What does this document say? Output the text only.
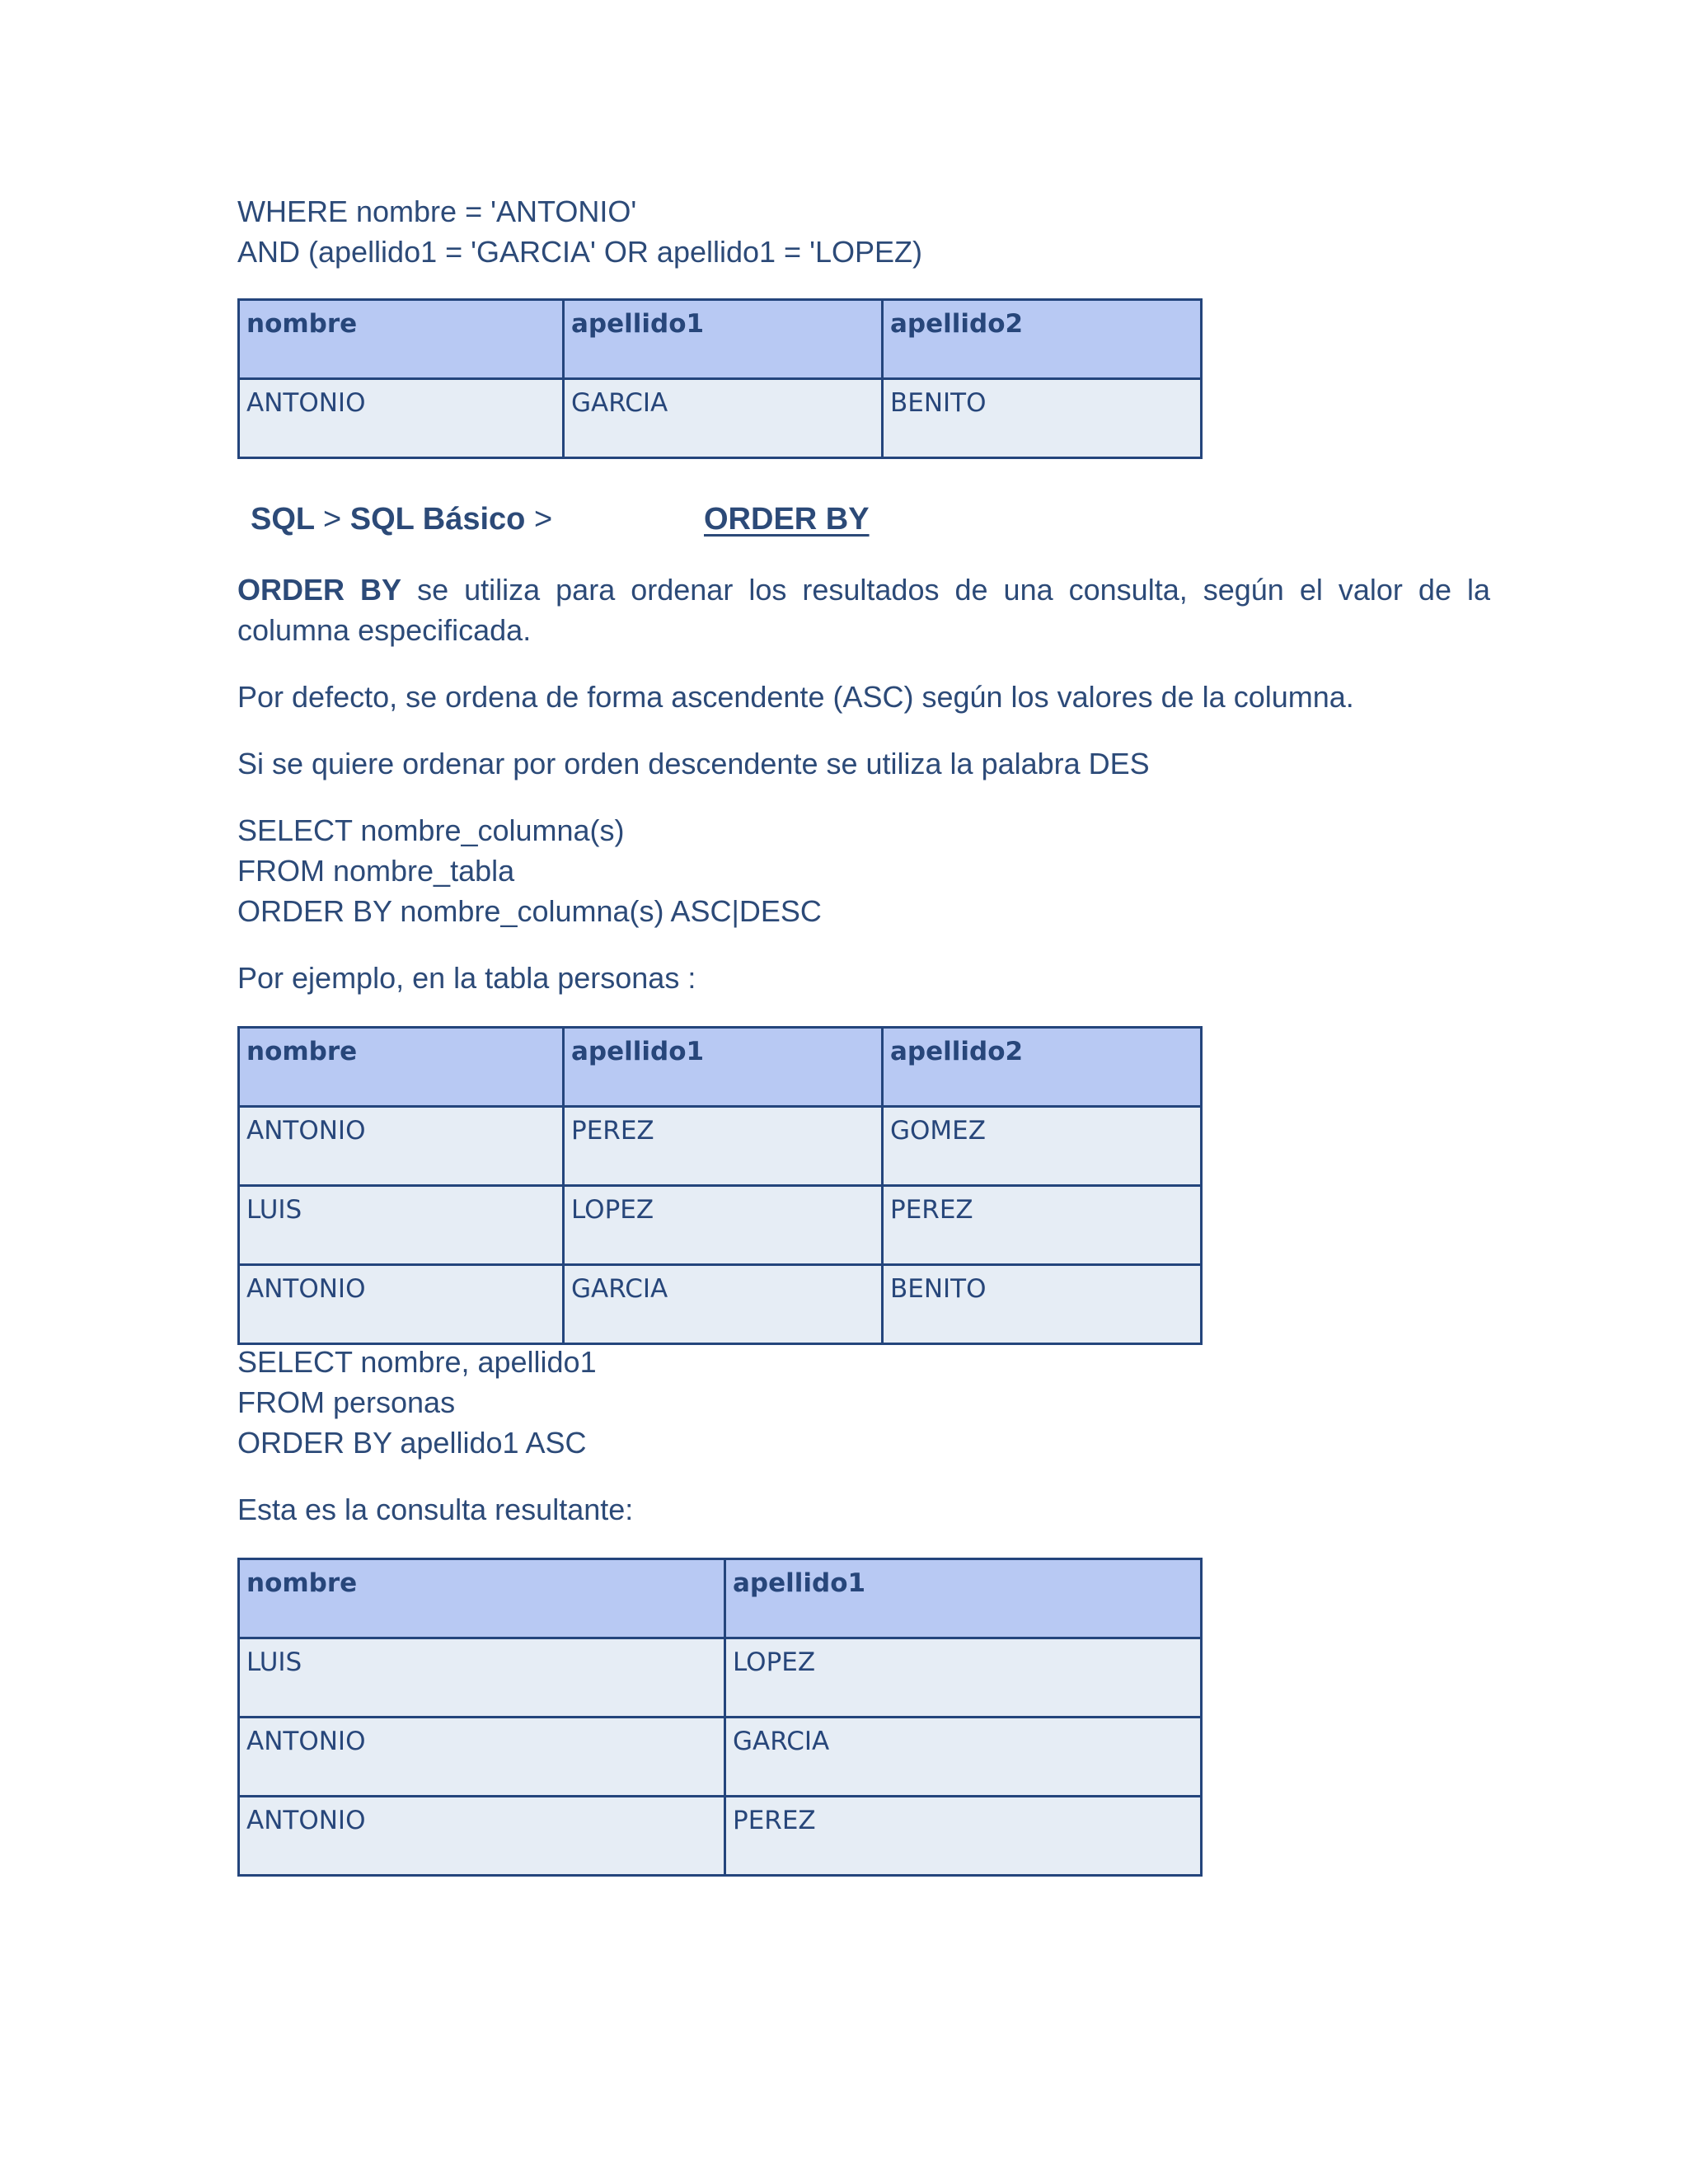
WHERE nombre = 'ANTONIO'

AND (apellido1 = 'GARCIA' OR apellido1 = 'LOPEZ)

nombre	apellido1	apellido2
ANTONIO	GARCIA	BENITO
SQL > SQL Básico >	ORDER BY

ORDER BY se utiliza para ordenar los resultados de una consulta, según el valor de la columna especificada.

Por defecto, se ordena de forma ascendente (ASC) según los valores de la columna.

Si se quiere ordenar por orden descendente se utiliza la palabra DES

SELECT nombre_columna(s)

FROM nombre_tabla

ORDER BY nombre_columna(s) ASC|DESC

Por ejemplo, en la tabla personas :

nombre	apellido1	apellido2
ANTONIO	PEREZ	GOMEZ
LUIS	LOPEZ	PEREZ
ANTONIO	GARCIA	BENITO

SELECT nombre, apellido1

FROM personas

ORDER BY apellido1 ASC

Esta es la consulta resultante:

nombre	apellido1
LUIS	LOPEZ
ANTONIO	GARCIA
ANTONIO	PEREZ
